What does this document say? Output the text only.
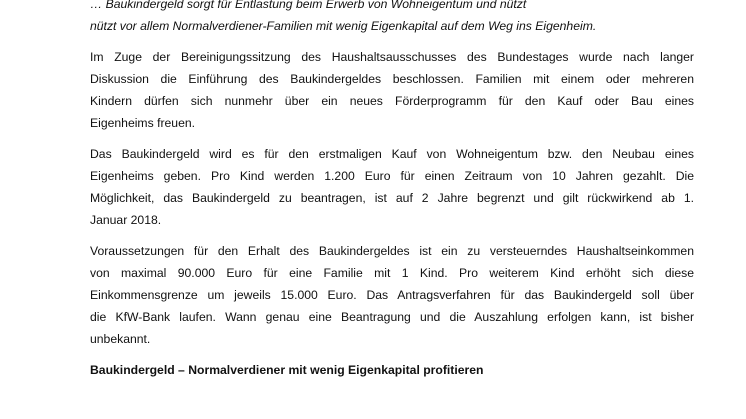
… Baukindergeld sorgt für Entlastung beim Erwerb von Wohneigentum und nützt
nützt vor allem Normalverdiener-Familien mit wenig Eigenkapital auf dem Weg ins Eigenheim.

Im Zuge der Bereinigungssitzung des Haushaltsausschusses des Bundestages wurde nach langer
Diskussion die Einführung des Baukindergeldes beschlossen. Familien mit einem oder mehreren
Kindern dürfen sich nunmehr über ein neues Förderprogramm für den Kauf oder Bau eines
Eigenheims freuen.

Das Baukindergeld wird es für den erstmaligen Kauf von Wohneigentum bzw. den Neubau eines
Eigenheims geben. Pro Kind werden 1.200 Euro für einen Zeitraum von 10 Jahren gezahlt. Die
Möglichkeit, das Baukindergeld zu beantragen, ist auf 2 Jahre begrenzt und gilt rückwirkend ab 1.
Januar 2018.

Voraussetzungen für den Erhalt des Baukindergeldes ist ein zu versteuerndes Haushaltseinkommen
von maximal 90.000 Euro für eine Familie mit 1 Kind. Pro weiterem Kind erhöht sich diese
Einkommensgrenze um jeweils 15.000 Euro. Das Antragsverfahren für das Baukindergeld soll über
die KfW-Bank laufen. Wann genau eine Beantragung und die Auszahlung erfolgen kann, ist bisher
unbekannt.

Baukindergeld – Normalverdiener mit wenig Eigenkapital profitieren
